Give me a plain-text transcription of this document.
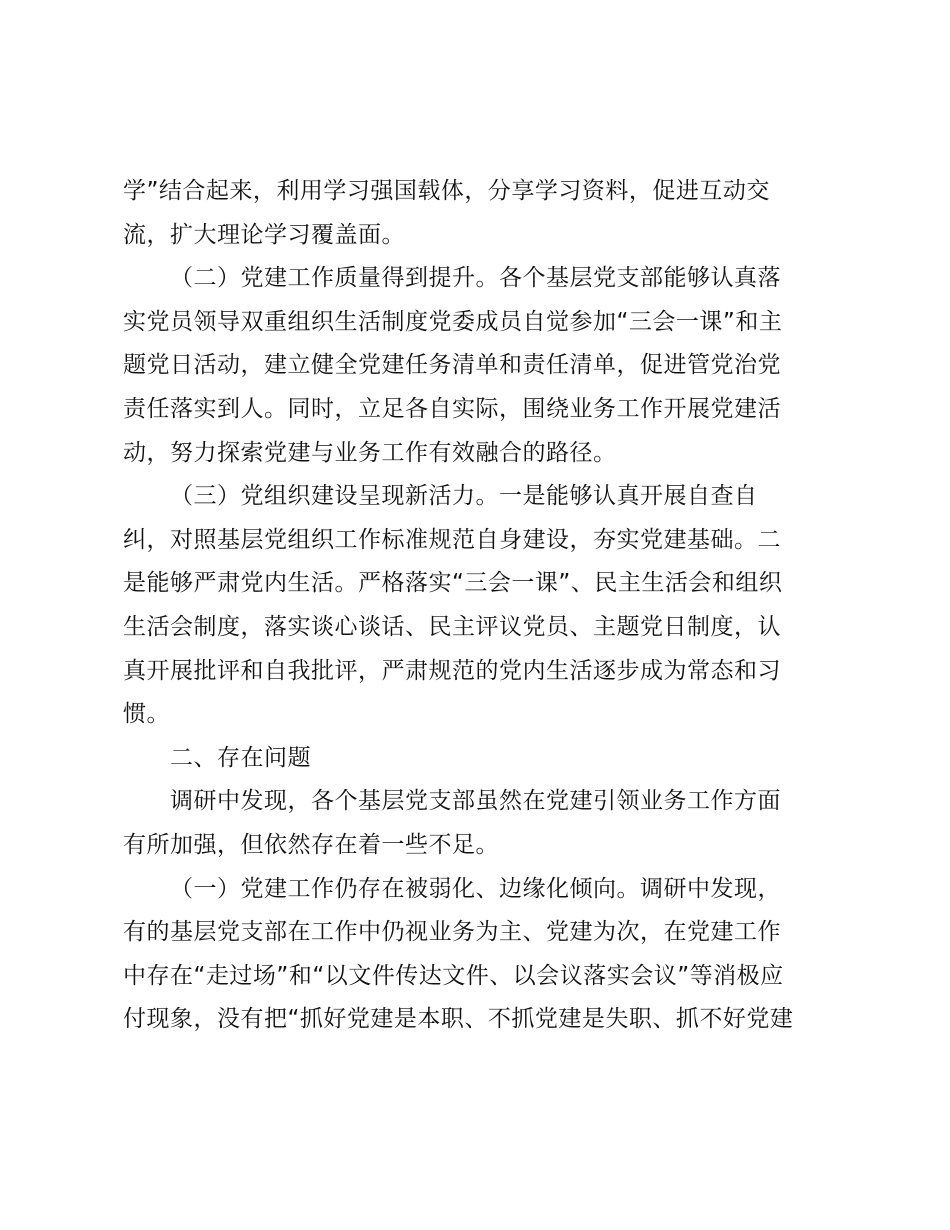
学”结合起来，利用学习强国载体，分享学习资料，促进互动交
流，扩大理论学习覆盖面。
（二）党建工作质量得到提升。各个基层党支部能够认真落
实党员领导双重组织生活制度党委成员自觉参加“三会一课”和主
题党日活动，建立健全党建任务清单和责任清单，促进管党治党
责任落实到人。同时，立足各自实际，围绕业务工作开展党建活
动，努力探索党建与业务工作有效融合的路径。
（三）党组织建设呈现新活力。一是能够认真开展自查自
纠，对照基层党组织工作标准规范自身建设，夯实党建基础。二
是能够严肃党内生活。严格落实“三会一课”、民主生活会和组织
生活会制度，落实谈心谈话、民主评议党员、主题党日制度，认
真开展批评和自我批评，严肃规范的党内生活逐步成为常态和习
惯。
二、存在问题
调研中发现，各个基层党支部虽然在党建引领业务工作方面
有所加强，但依然存在着一些不足。
（一）党建工作仍存在被弱化、边缘化倾向。调研中发现，
有的基层党支部在工作中仍视业务为主、党建为次，在党建工作
中存在“走过场”和“以文件传达文件、以会议落实会议”等消极应
付现象，没有把“抓好党建是本职、不抓党建是失职、抓不好党建
